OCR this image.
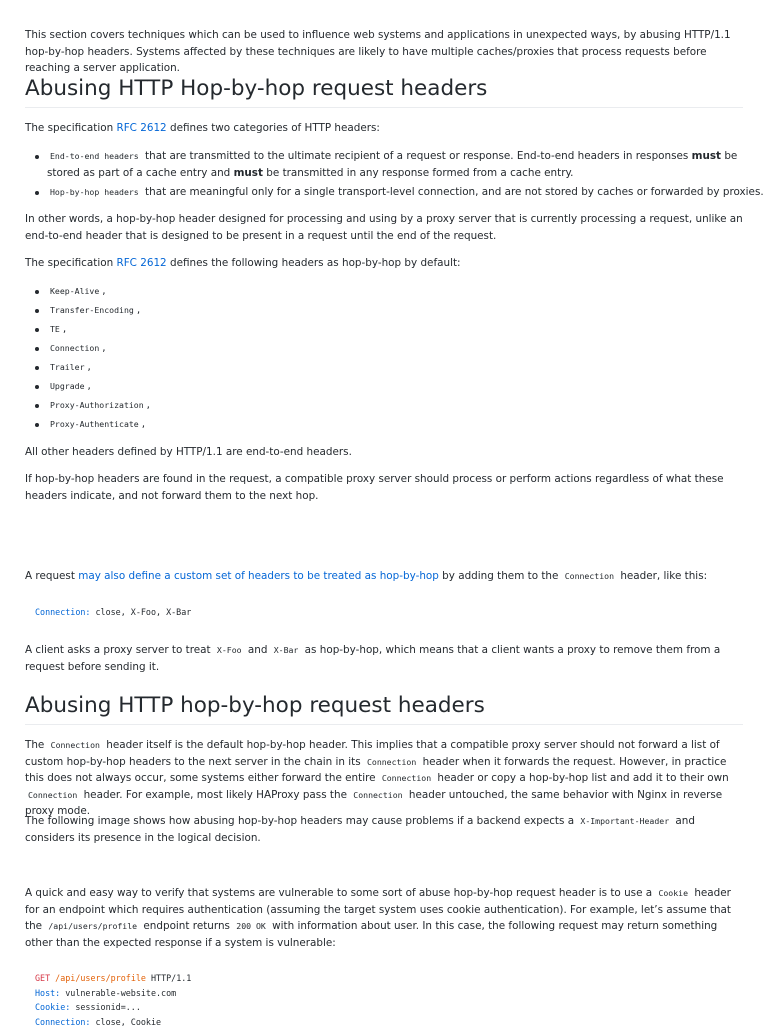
This section covers techniques which can be used to influence web systems and applications in unexpected ways, by abusing HTTP/1.1 hop-by-hop headers. Systems affected by these techniques are likely to have multiple caches/proxies that process requests before reaching a server application.

Abusing HTTP Hop-by-hop request headers

The specification RFC 2612 defines two categories of HTTP headers:

End-to-end headers that are transmitted to the ultimate recipient of a request or response. End-to-end headers in responses must be stored as part of a cache entry and must be transmitted in any response formed from a cache entry.
Hop-by-hop headers that are meaningful only for a single transport-level connection, and are not stored by caches or forwarded by proxies.

In other words, a hop-by-hop header designed for processing and using by a proxy server that is currently processing a request, unlike an end-to-end header that is designed to be present in a request until the end of the request.

The specification RFC 2612 defines the following headers as hop-by-hop by default:

Keep-Alive ,
Transfer-Encoding ,
TE ,
Connection ,
Trailer ,
Upgrade ,
Proxy-Authorization ,
Proxy-Authenticate ,

All other headers defined by HTTP/1.1 are end-to-end headers.

If hop-by-hop headers are found in the request, a compatible proxy server should process or perform actions regardless of what these headers indicate, and not forward them to the next hop.

A request may also define a custom set of headers to be treated as hop-by-hop by adding them to the Connection header, like this:

Connection: close, X-Foo, X-Bar

A client asks a proxy server to treat X-Foo and X-Bar as hop-by-hop, which means that a client wants a proxy to remove them from a request before sending it.

Abusing HTTP hop-by-hop request headers

The Connection header itself is the default hop-by-hop header. This implies that a compatible proxy server should not forward a list of custom hop-by-hop headers to the next server in the chain in its Connection header when it forwards the request. However, in practice this does not always occur, some systems either forward the entire Connection header or copy a hop-by-hop list and add it to their own Connection header. For example, most likely HAProxy pass the Connection header untouched, the same behavior with Nginx in reverse proxy mode.

The following image shows how abusing hop-by-hop headers may cause problems if a backend expects a X-Important-Header and considers its presence in the logical decision.

A quick and easy way to verify that systems are vulnerable to some sort of abuse hop-by-hop request header is to use a Cookie header for an endpoint which requires authentication (assuming the target system uses cookie authentication). For example, let’s assume that the /api/users/profile endpoint returns 200 OK with information about user. In this case, the following request may return something other than the expected response if a system is vulnerable:

GET /api/users/profile HTTP/1.1
Host: vulnerable-website.com
Cookie: sessionid=...
Connection: close, Cookie
